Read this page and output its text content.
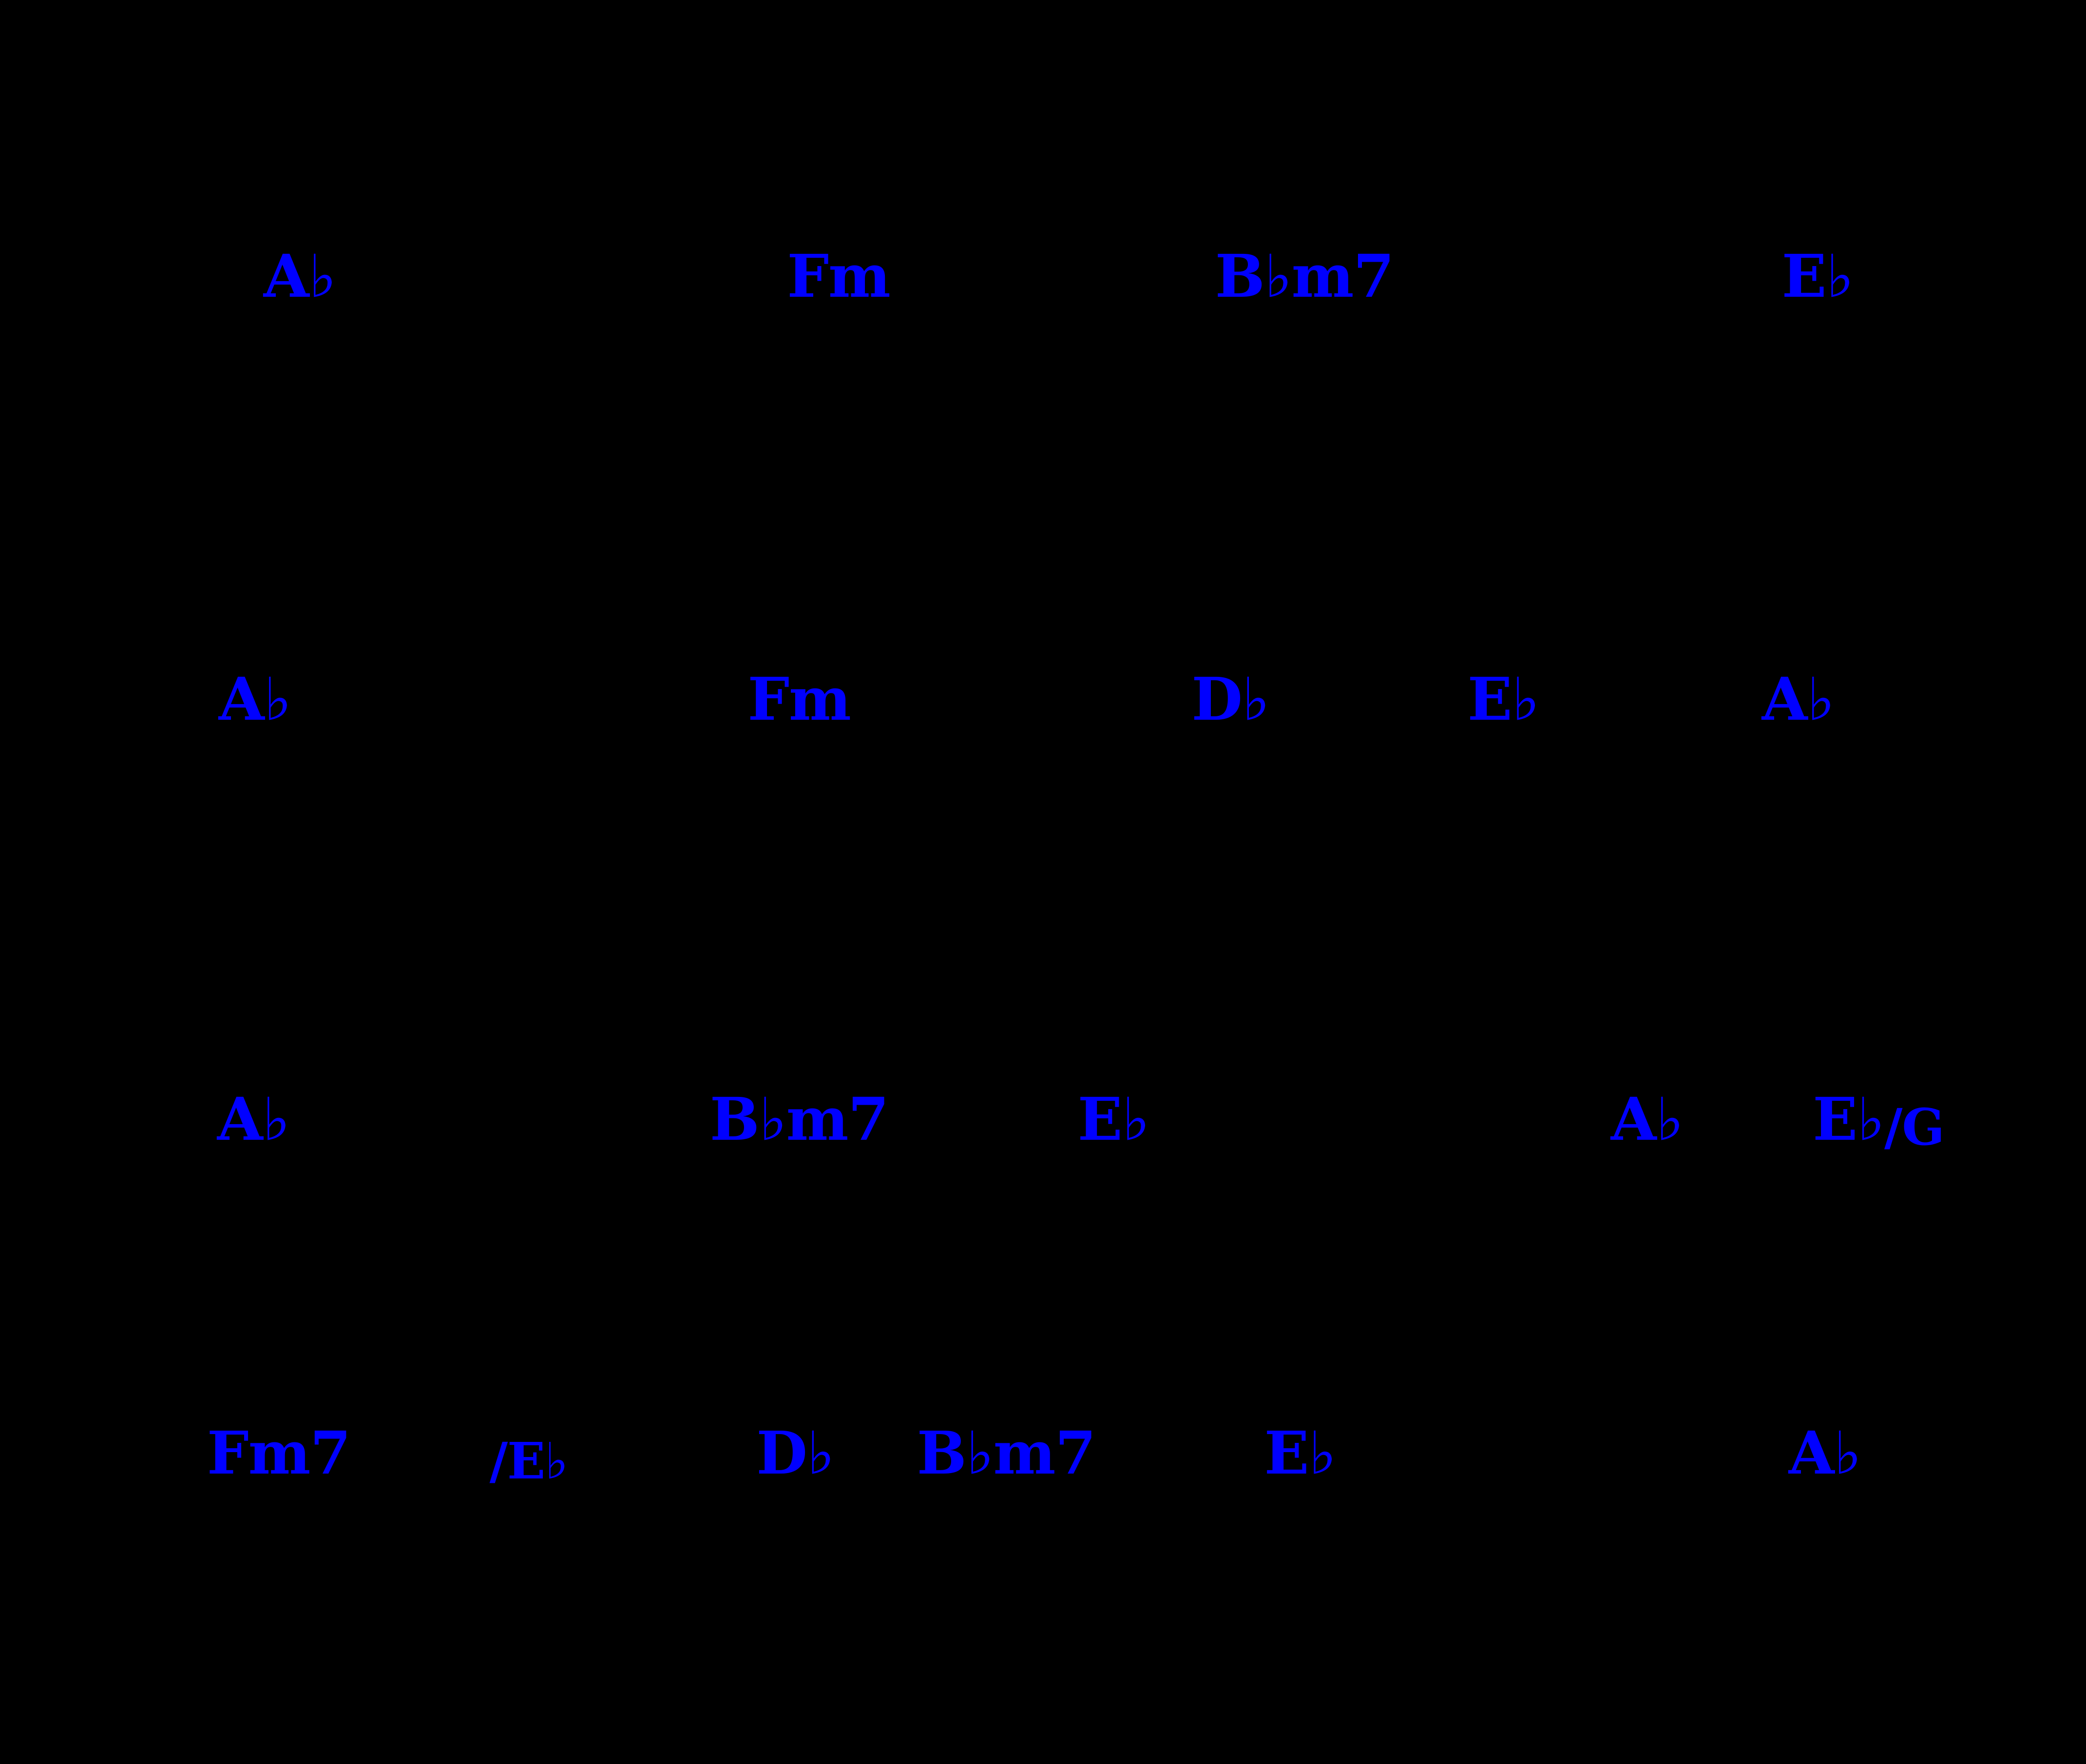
A♭	Fm	B♭m7	E♭
A♭	Fm	D♭	E♭	A♭
A♭	B♭m7	E♭	A♭ E♭/G
Fm7	/E♭	D♭ B♭m7	E♭	A♭
